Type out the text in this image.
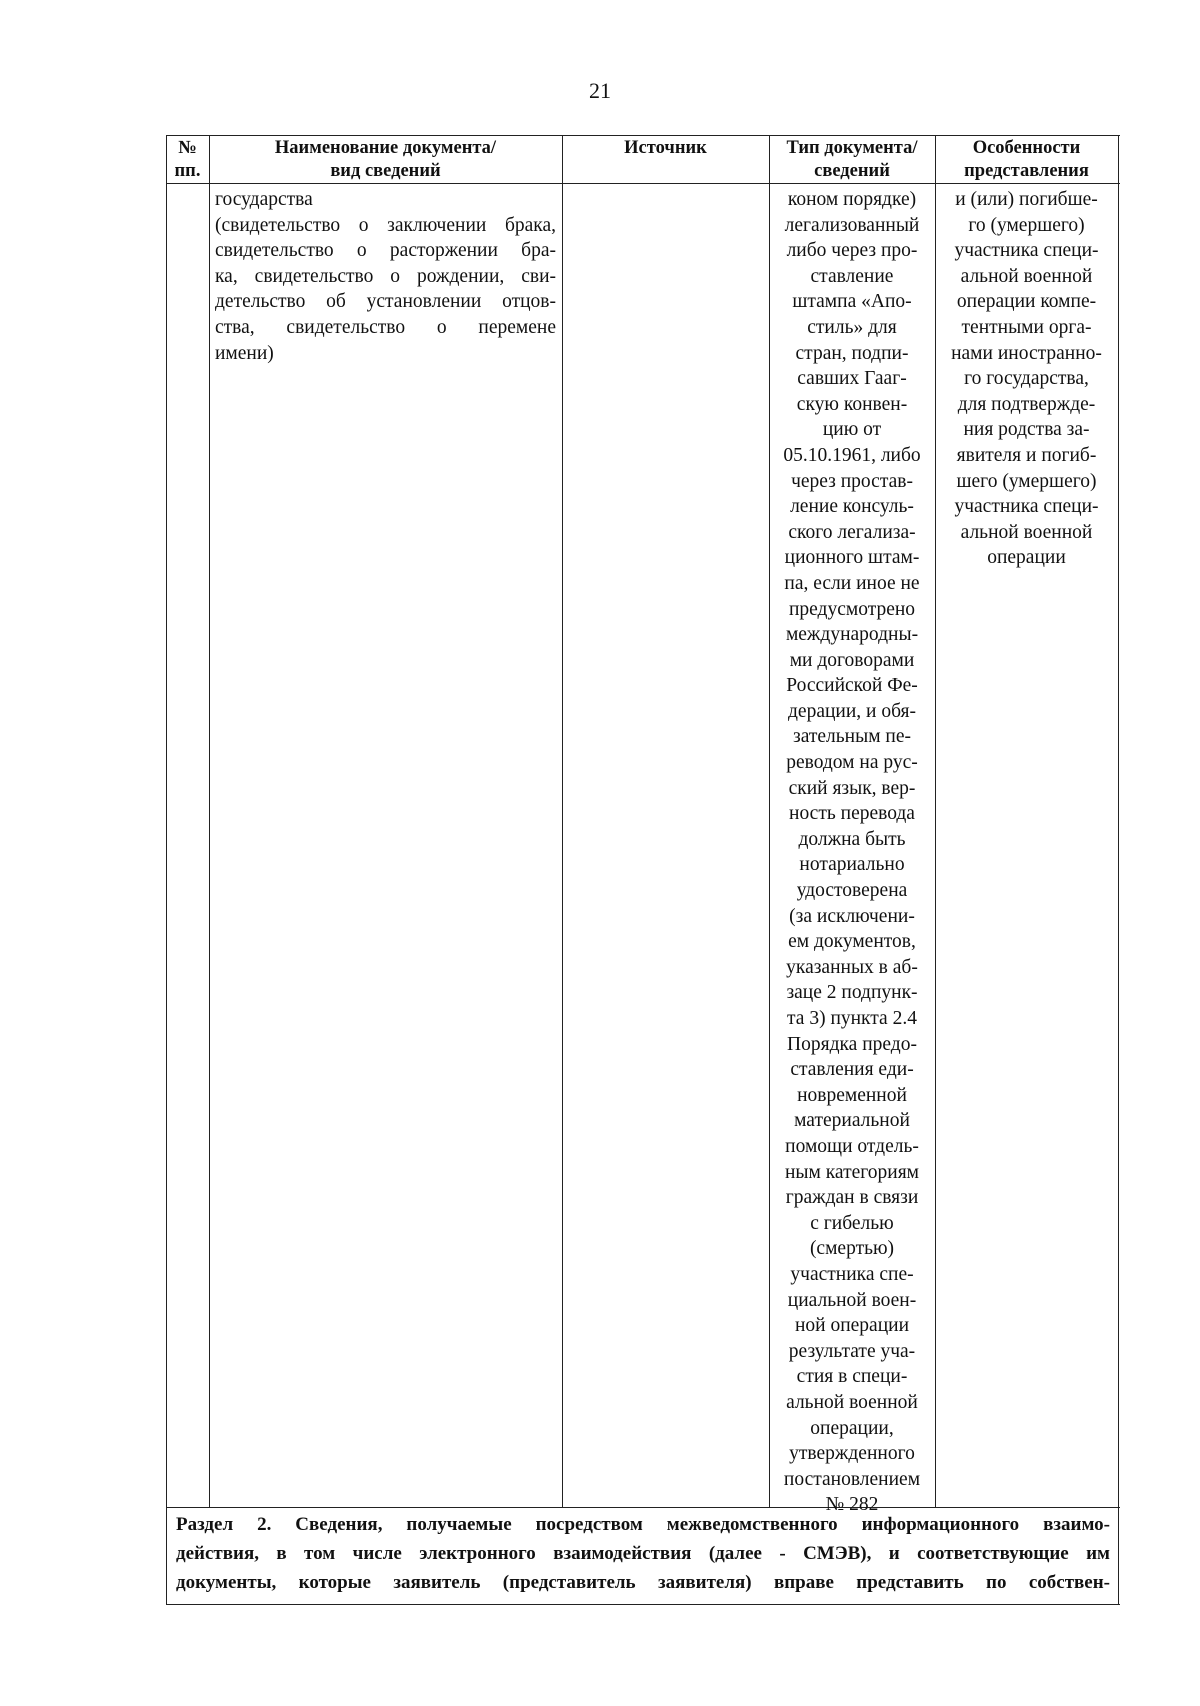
21
№
пп.
Наименование документа/
вид сведений
Источник	Тип документа/
сведений
Особенности
представления
государства
(свидетельство о заключении брака,
свидетельство о расторжении бра-
ка, свидетельство о рождении, сви-
детельство об установлении отцов-
ства, свидетельство о перемене
имени)
коном порядке)
легализованный
либо через про-
ставление
штампа «Апо-
стиль» для
стран, подпи-
савших Гааг-
скую конвен-
цию от
05.10.1961, либо
через простав-
ление консуль-
ского легализа-
ционного штам-
па, если иное не
предусмотрено
международны-
ми договорами
Российской Фе-
дерации, и обя-
зательным пе-
реводом на рус-
ский язык, вер-
ность перевода
должна быть
нотариально
удостоверена
(за исключени-
ем документов,
указанных в аб-
заце 2 подпунк-
та 3) пункта 2.4
Порядка предо-
ставления еди-
новременной
материальной
помощи отдель-
ным категориям
граждан в связи
с гибелью
(смертью)
участника спе-
циальной воен-
ной операции
результате уча-
стия в специ-
альной военной
операции,
утвержденного
постановлением
№ 282
и (или) погибше-
го (умершего)
участника специ-
альной военной
операции компе-
тентными орга-
нами иностранно-
го государства,
для подтвержде-
ния родства за-
явителя и погиб-
шего (умершего)
участника специ-
альной военной
операции
Раздел 2. Сведения, получаемые посредством межведомственного информационного взаимо-
действия, в том числе электронного взаимодействия (далее - СМЭВ), и соответствующие им
документы, которые заявитель (представитель заявителя) вправе представить по собствен-
